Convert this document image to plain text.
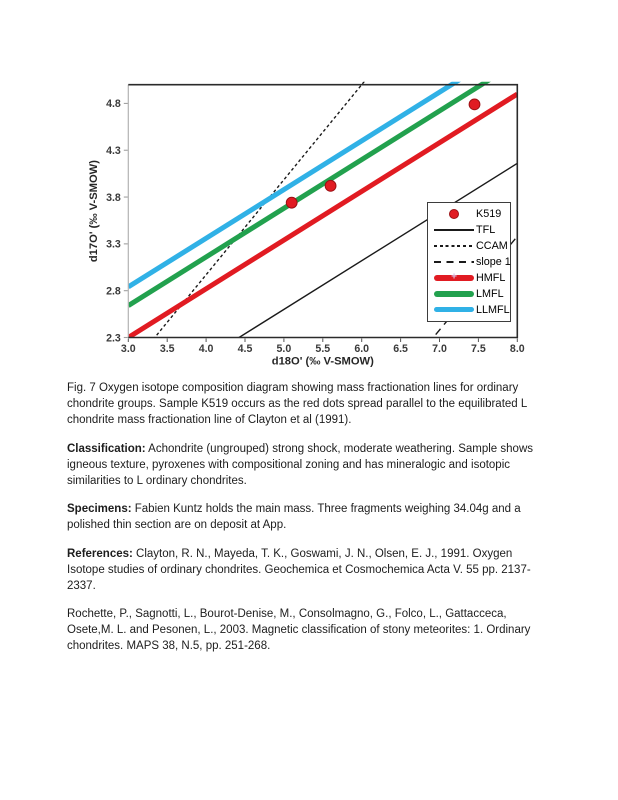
3.0 3.5 4.0 4.5 5.0 5.5 6.0 6.5 7.0 7.5 8.0
2.3
2.8
3.3
3.8
4.3
4.8
d18O' (‰ V-SMOW)
d17O' (‰ V-SMOW)	K519
TFL
CCAM
slope 1
+ HMFL
LMFL
LLMFL

Fig. 7 Oxygen isotope composition diagram showing mass fractionation lines for ordinary chondrite groups. Sample K519 occurs as the red dots spread parallel to the equilibrated L chondrite mass fractionation line of Clayton et al (1991).

Classification: Achondrite (ungrouped) strong shock, moderate weathering. Sample shows igneous texture, pyroxenes with compositional zoning and has mineralogic and isotopic similarities to L ordinary chondrites.

Specimens: Fabien Kuntz holds the main mass. Three fragments weighing 34.04g and a polished thin section are on deposit at App.

References: Clayton, R. N., Mayeda, T. K., Goswami, J. N., Olsen, E. J., 1991. Oxygen Isotope studies of ordinary chondrites. Geochemica et Cosmochemica Acta V. 55 pp. 2137-2337.

Rochette, P., Sagnotti, L., Bourot-Denise, M., Consolmagno, G., Folco, L., Gattacceca, Osete,M. L. and Pesonen, L., 2003. Magnetic classification of stony meteorites: 1. Ordinary chondrites. MAPS 38, N.5, pp. 251-268.
